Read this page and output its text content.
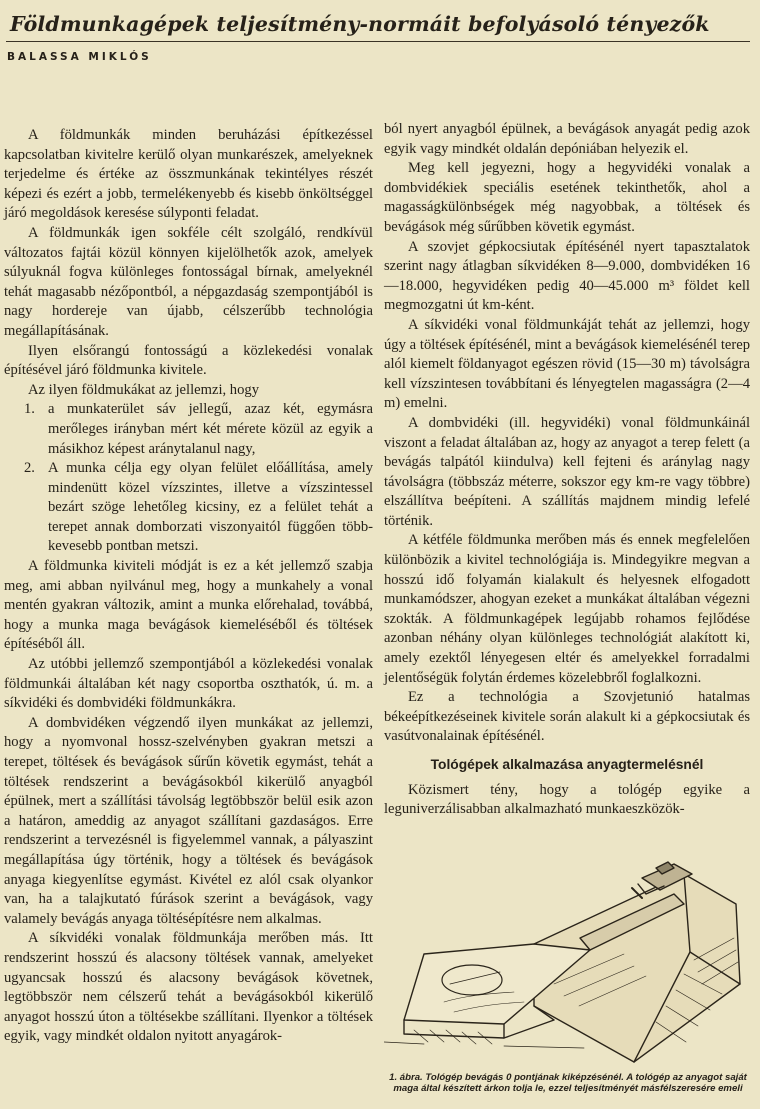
Földmunkagépek teljesítmény-normáit befolyásoló tényezők
BALASSA MIKLÓS

A földmunkák minden beruházási építkezéssel kapcsolatban kivitelre kerülő olyan munkarészek, amelyeknek terjedelme és értéke az összmunkának tekintélyes részét képezi és ezért a jobb, termelékenyebb és kisebb önköltséggel járó megoldások keresése súlyponti feladat.

A földmunkák igen sokféle célt szolgáló, rendkívül változatos fajtái közül könnyen kijelölhetők azok, amelyek súlyuknál fogva különleges fontosságal bírnak, amelyeknél tehát magasabb nézőpontból, a népgazdaság szempontjából is nagy hordereje van újabb, célszerűbb technológia megállapításának.

Ilyen elsőrangú fontosságú a közlekedési vonalak építésével járó földmunka kivitele.

Az ilyen földmukákat az jellemzi, hogy

1. a munkaterület sáv jellegű, azaz két, egymásra merőleges irányban mért két mérete közül az egyik a másikhoz képest aránytalanul nagy,
2. A munka célja egy olyan felület előállítása, amely mindenütt közel vízszintes, illetve a vízszintessel bezárt szöge lehetőleg kicsiny, ez a felület tehát a terepet annak domborzati viszonyaitól függően több-kevesebb pontban metszi.

A földmunka kiviteli módját is ez a két jellemző szabja meg, ami abban nyilvánul meg, hogy a munkahely a vonal mentén gyakran változik, amint a munka előrehalad, továbbá, hogy a munka maga bevágások kiemeléséből és töltések építéséből áll.

Az utóbbi jellemző szempontjából a közlekedési vonalak földmunkái általában két nagy csoportba oszthatók, ú. m. a síkvidéki és dombvidéki földmunkákra.

A dombvidéken végzendő ilyen munkákat az jellemzi, hogy a nyomvonal hossz-szelvényben gyakran metszi a terepet, töltések és bevágások sűrűn követik egymást, tehát a töltések rendszerint a bevágásokból kikerülő anyagból épülnek, mert a szállítási távolság legtöbbször belül esik azon a határon, ameddig az anyagot szállítani gazdaságos. Erre rendszerint a tervezésnél is figyelemmel vannak, a pályaszint megállapítása úgy történik, hogy a töltések és bevágások anyaga kiegyenlítse egymást. Kivétel ez alól csak olyankor van, ha a talajkutató fúrások szerint a bevágások, vagy valamely bevágás anyaga töltésépítésre nem alkalmas.

A síkvidéki vonalak földmunkája merőben más. Itt rendszerint hosszú és alacsony töltések vannak, amelyeket ugyancsak hosszú és alacsony bevágások követnek, legtöbbször nem célszerű tehát a bevágásokból kikerülő anyagot hosszú úton a töltésekbe szállítani. Ilyenkor a töltések egyik, vagy mindkét oldalon nyitott anyagárok-

ból nyert anyagból épülnek, a bevágások anyagát pedig azok egyik vagy mindkét oldalán depóniában helyezik el.

Meg kell jegyezni, hogy a hegyvidéki vonalak a dombvidékiek speciális esetének tekinthetők, ahol a magasságkülönbségek még nagyobbak, a töltések és bevágások még sűrűbben követik egymást.

A szovjet gépkocsiutak építésénél nyert tapasztalatok szerint nagy átlagban síkvidéken 8—9.000, dombvidéken 16—18.000, hegyvidéken pedig 40—45.000 m³ földet kell megmozgatni út km-ként.

A síkvidéki vonal földmunkáját tehát az jellemzi, hogy úgy a töltések építésénél, mint a bevágások kiemelésénél terep alól kiemelt földanyagot egészen rövid (15—30 m) távolságra kell vízszintesen továbbítani és lényegtelen magasságra (2—4 m) emelni.

A dombvidéki (ill. hegyvidéki) vonal földmunkáinál viszont a feladat általában az, hogy az anyagot a terep felett (a bevágás talpától kiindulva) kell fejteni és aránylag nagy távolságra (többszáz méterre, sokszor egy km-re vagy többre) elszállítva beépíteni. A szállítás majdnem mindig lefelé történik.

A kétféle földmunka merőben más és ennek megfelelően különbözik a kivitel technológiája is. Mindegyikre megvan a hosszú idő folyamán kialakult és helyesnek elfogadott munkamódszer, ahogyan ezeket a munkákat általában végezni szokták. A földmunkagépek legújabb rohamos fejlődése azonban néhány olyan különleges technológiát alakított ki, amely ezektől lényegesen eltér és amelyekkel forradalmi jelentőségük folytán érdemes közelebbről foglalkozni.

Ez a technológia a Szovjetunió hatalmas békeépítkezéseinek kivitele során alakult ki a gépkocsiutak és vasútvonalainak építésénél.

Tológépek alkalmazása anyagtermelésnél

Közismert tény, hogy a tológép egyike a leguniverzálisabban alkalmazható munkaeszközök-

1. ábra. Tológép bevágás 0 pontjának kiképzésénél. A tológép az anyagot saját maga által készített árkon tolja le, ezzel teljesítményét másfélszeresére emeli
